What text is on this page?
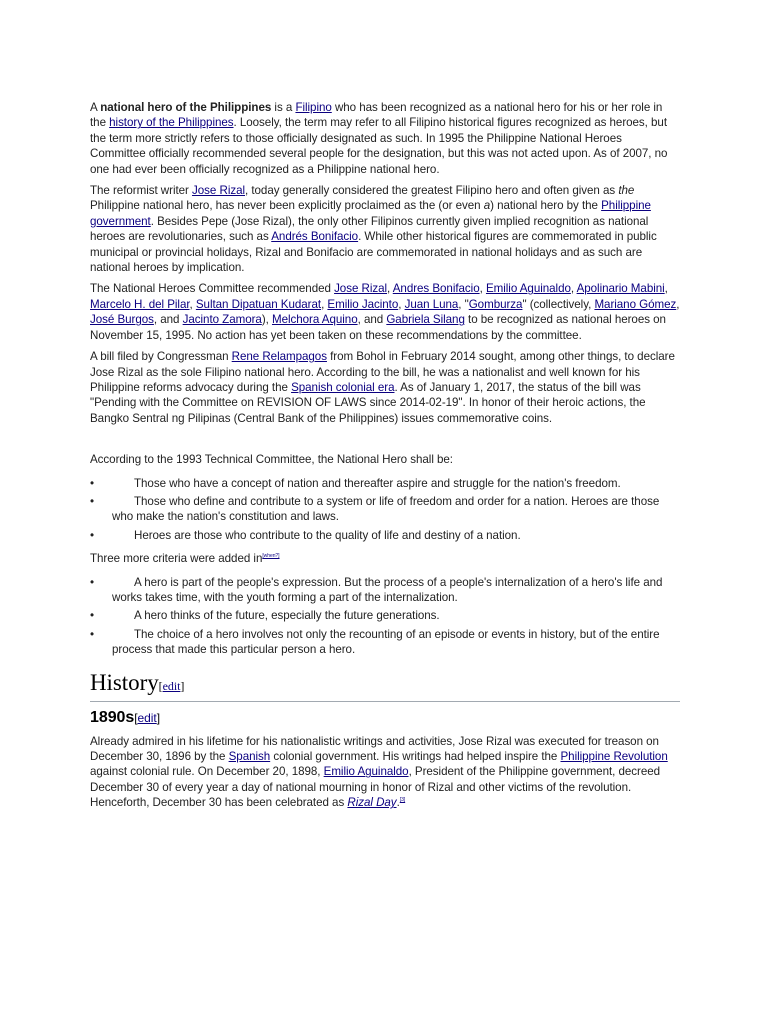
A national hero of the Philippines is a Filipino who has been recognized as a national hero for his or her role in the history of the Philippines. Loosely, the term may refer to all Filipino historical figures recognized as heroes, but the term more strictly refers to those officially designated as such. In 1995 the Philippine National Heroes Committee officially recommended several people for the designation, but this was not acted upon. As of 2007, no one had ever been officially recognized as a Philippine national hero.

The reformist writer Jose Rizal, today generally considered the greatest Filipino hero and often given as the Philippine national hero, has never been explicitly proclaimed as the (or even a) national hero by the Philippine government. Besides Pepe (Jose Rizal), the only other Filipinos currently given implied recognition as national heroes are revolutionaries, such as Andrés Bonifacio. While other historical figures are commemorated in public municipal or provincial holidays, Rizal and Bonifacio are commemorated in national holidays and as such are national heroes by implication.

The National Heroes Committee recommended Jose Rizal, Andres Bonifacio, Emilio Aguinaldo, Apolinario Mabini, Marcelo H. del Pilar, Sultan Dipatuan Kudarat, Emilio Jacinto, Juan Luna, "Gomburza" (collectively, Mariano Gómez, José Burgos, and Jacinto Zamora), Melchora Aquino, and Gabriela Silang to be recognized as national heroes on November 15, 1995. No action has yet been taken on these recommendations by the committee.

A bill filed by Congressman Rene Relampagos from Bohol in February 2014 sought, among other things, to declare Jose Rizal as the sole Filipino national hero. According to the bill, he was a nationalist and well known for his Philippine reforms advocacy during the Spanish colonial era. As of January 1, 2017, the status of the bill was "Pending with the Committee on REVISION OF LAWS since 2014-02-19". In honor of their heroic actions, the Bangko Sentral ng Pilipinas (Central Bank of the Philippines) issues commemorative coins.

According to the 1993 Technical Committee, the National Hero shall be:

•	Those who have a concept of nation and thereafter aspire and struggle for the nation's freedom.
•	Those who define and contribute to a system or life of freedom and order for a nation. Heroes are those who make the nation's constitution and laws.
•	Heroes are those who contribute to the quality of life and destiny of a nation.

Three more criteria were added in[when?]

•	A hero is part of the people's expression. But the process of a people's internalization of a hero's life and works takes time, with the youth forming a part of the internalization.
•	A hero thinks of the future, especially the future generations.
•	The choice of a hero involves not only the recounting of an episode or events in history, but of the entire process that made this particular person a hero.
History[edit]
1890s[edit]

Already admired in his lifetime for his nationalistic writings and activities, Jose Rizal was executed for treason on December 30, 1896 by the Spanish colonial government. His writings had helped inspire the Philippine Revolution against colonial rule. On December 20, 1898, Emilio Aguinaldo, President of the Philippine government, decreed December 30 of every year a day of national mourning in honor of Rizal and other victims of the revolution. Henceforth, December 30 has been celebrated as Rizal Day.[3]
